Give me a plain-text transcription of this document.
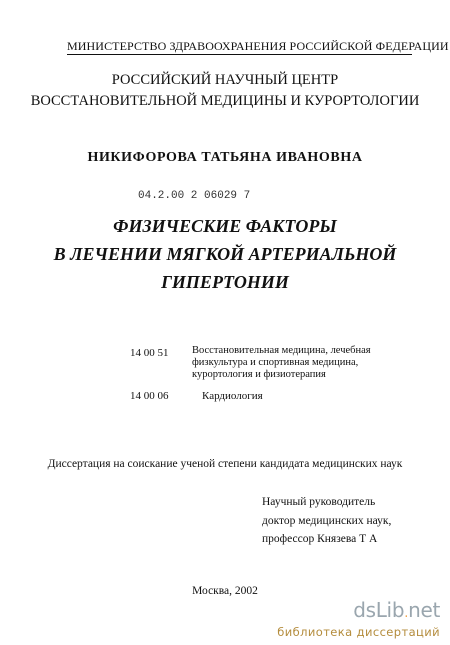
МИНИСТЕРСТВО ЗДРАВООХРАНЕНИЯ РОССИЙСКОЙ ФЕДЕРАЦИИ
РОССИЙСКИЙ НАУЧНЫЙ ЦЕНТР
ВОССТАНОВИТЕЛЬНОЙ МЕДИЦИНЫ И КУРОРТОЛОГИИ
НИКИФОРОВА ТАТЬЯНА ИВАНОВНА
04.2.00 2 06029 7
ФИЗИЧЕСКИЕ ФАКТОРЫ
В ЛЕЧЕНИИ МЯГКОЙ АРТЕРИАЛЬНОЙ
ГИПЕРТОНИИ
14 00 51 Восстановительная медицина, лечебная
физкультура и спортивная медицина,
курортология и физиотерапия
14 00 06	Кардиология
Диссертация на соискание ученой степени кандидата медицинских наук
Научный руководитель
доктор медицинских наук,
профессор Князева Т А
Москва, 2002
dsLib.net
библиотека диссертаций
